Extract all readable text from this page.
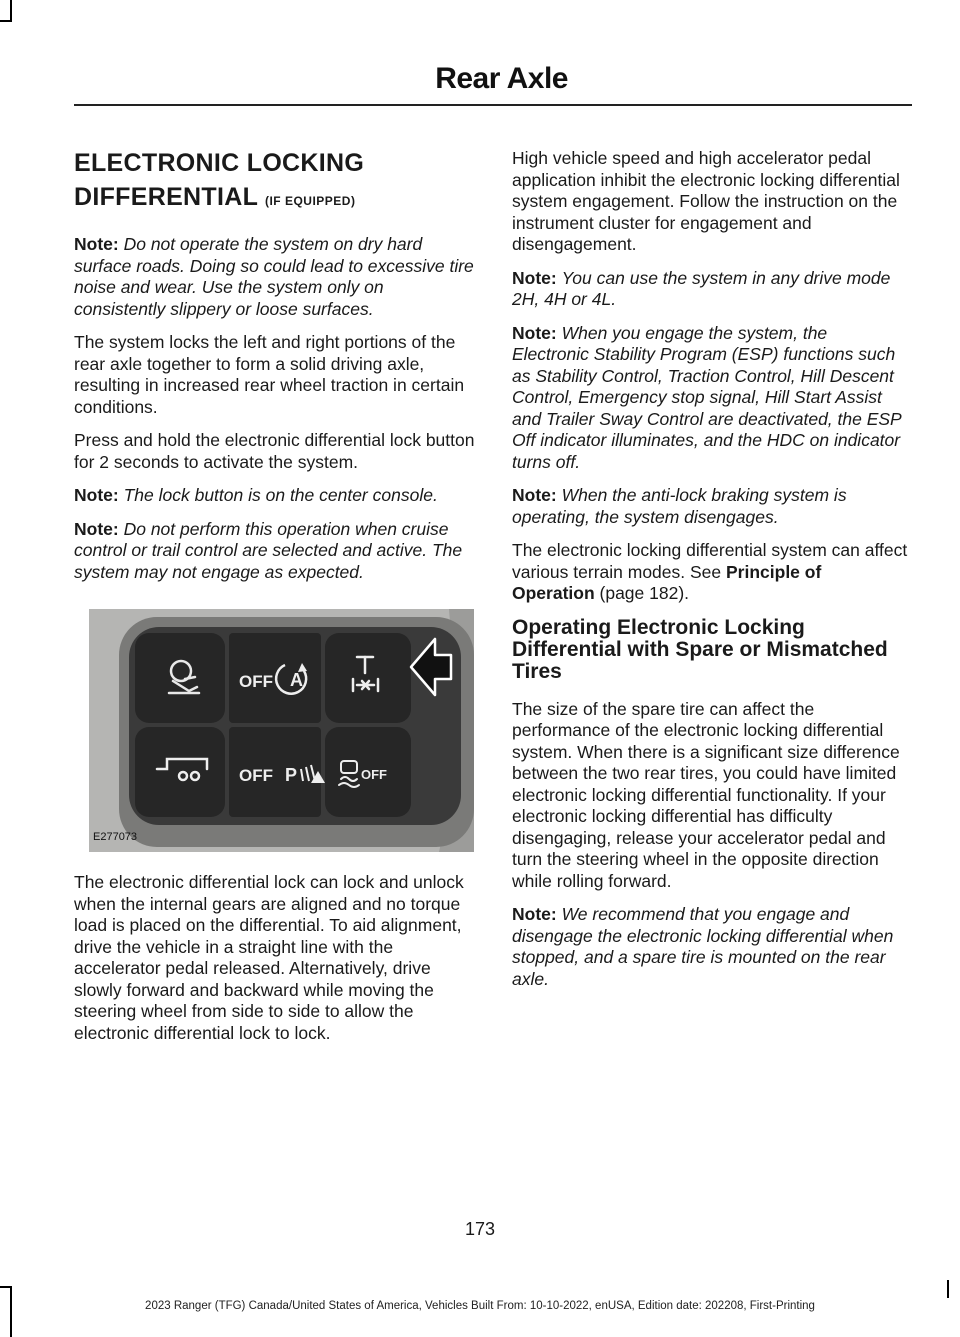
Rear Axle
ELECTRONIC LOCKING DIFFERENTIAL (IF EQUIPPED)

Note: Do not operate the system on dry hard surface roads. Doing so could lead to excessive tire noise and wear. Use the system only on consistently slippery or loose surfaces.

The system locks the left and right portions of the rear axle together to form a solid driving axle, resulting in increased rear wheel traction in certain conditions.

Press and hold the electronic differential lock button for 2 seconds to activate the system.

Note: The lock button is on the center console.

Note: Do not perform this operation when cruise control or trail control are selected and active. The system may not engage as expected.

OFF A
OFF P	OFF
E277073

The electronic differential lock can lock and unlock when the internal gears are aligned and no torque load is placed on the differential. To aid alignment, drive the vehicle in a straight line with the accelerator pedal released. Alternatively, drive slowly forward and backward while moving the steering wheel from side to side to allow the electronic differential lock to lock.

High vehicle speed and high accelerator pedal application inhibit the electronic locking differential system engagement. Follow the instruction on the instrument cluster for engagement and disengagement.

Note: You can use the system in any drive mode 2H, 4H or 4L.

Note: When you engage the system, the Electronic Stability Program (ESP) functions such as Stability Control, Traction Control, Hill Descent Control, Emergency stop signal, Hill Start Assist and Trailer Sway Control are deactivated, the ESP Off indicator illuminates, and the HDC on indicator turns off.

Note: When the anti-lock braking system is operating, the system disengages.

The electronic locking differential system can affect various terrain modes. See Principle of Operation (page 182).

Operating Electronic Locking Differential with Spare or Mismatched Tires

The size of the spare tire can affect the performance of the electronic locking differential system. When there is a significant size difference between the two rear tires, you could have limited electronic locking differential functionality. If your electronic locking differential has difficulty disengaging, release your accelerator pedal and turn the steering wheel in the opposite direction while rolling forward.

Note: We recommend that you engage and disengage the electronic locking differential when stopped, and a spare tire is mounted on the rear axle.

173
2023 Ranger (TFG) Canada/United States of America, Vehicles Built From: 10-10-2022, enUSA, Edition date: 202208, First-Printing
